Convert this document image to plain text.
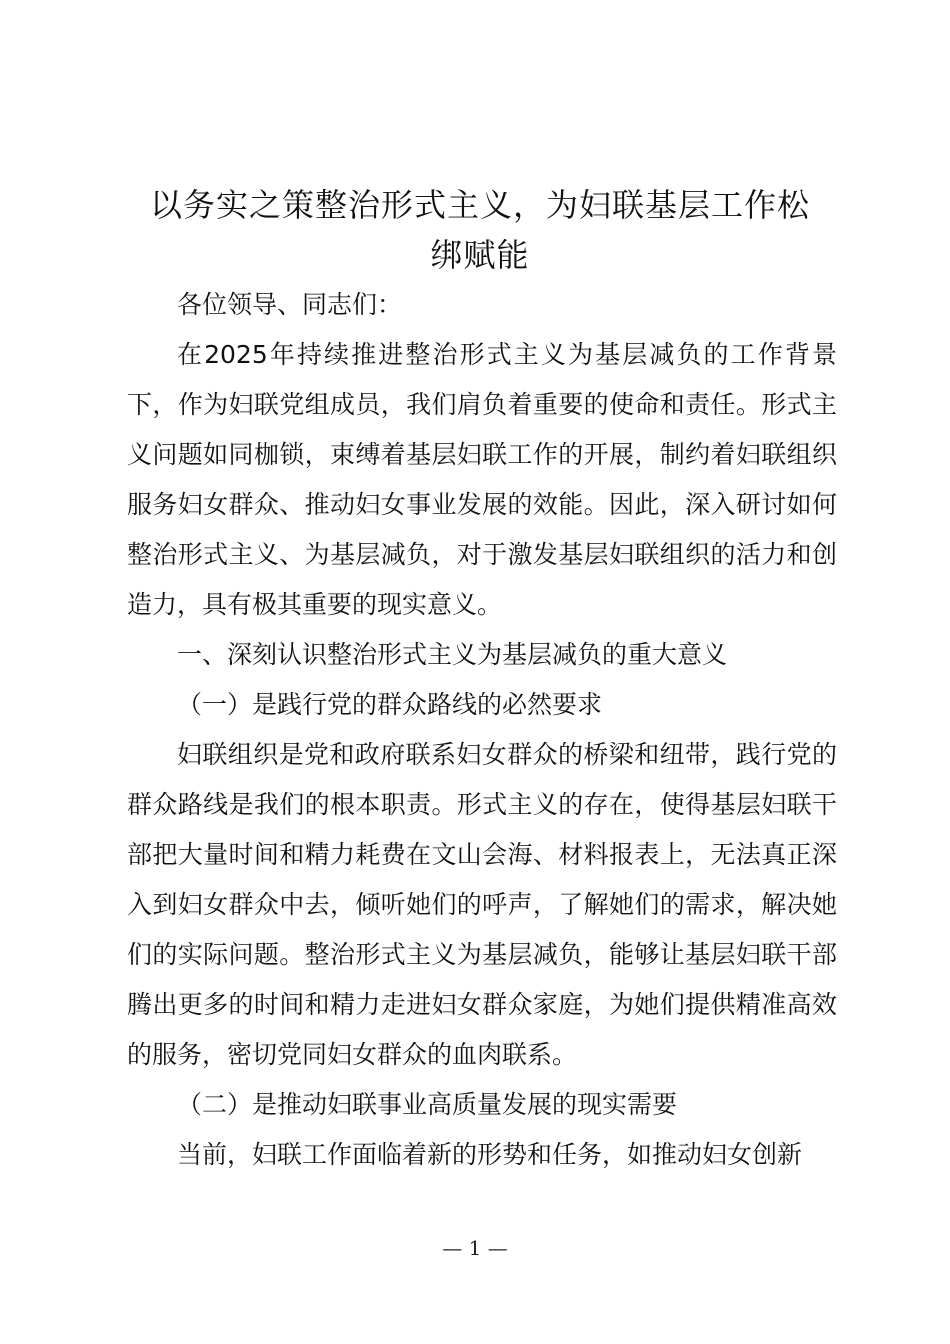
以务实之策整治形式主义，为妇联基层工作松
绑赋能

各位领导、同志们：

在2025年持续推进整治形式主义为基层减负的工作背景下，作为妇联党组成员，我们肩负着重要的使命和责任。形式主义问题如同枷锁，束缚着基层妇联工作的开展，制约着妇联组织服务妇女群众、推动妇女事业发展的效能。因此，深入研讨如何整治形式主义、为基层减负，对于激发基层妇联组织的活力和创造力，具有极其重要的现实意义。

一、深刻认识整治形式主义为基层减负的重大意义

（一）是践行党的群众路线的必然要求

妇联组织是党和政府联系妇女群众的桥梁和纽带，践行党的群众路线是我们的根本职责。形式主义的存在，使得基层妇联干部把大量时间和精力耗费在文山会海、材料报表上，无法真正深入到妇女群众中去，倾听她们的呼声，了解她们的需求，解决她们的实际问题。整治形式主义为基层减负，能够让基层妇联干部腾出更多的时间和精力走进妇女群众家庭，为她们提供精准高效的服务，密切党同妇女群众的血肉联系。

（二）是推动妇联事业高质量发展的现实需要

当前，妇联工作面临着新的形势和任务，如推动妇女创新

— 1 —
